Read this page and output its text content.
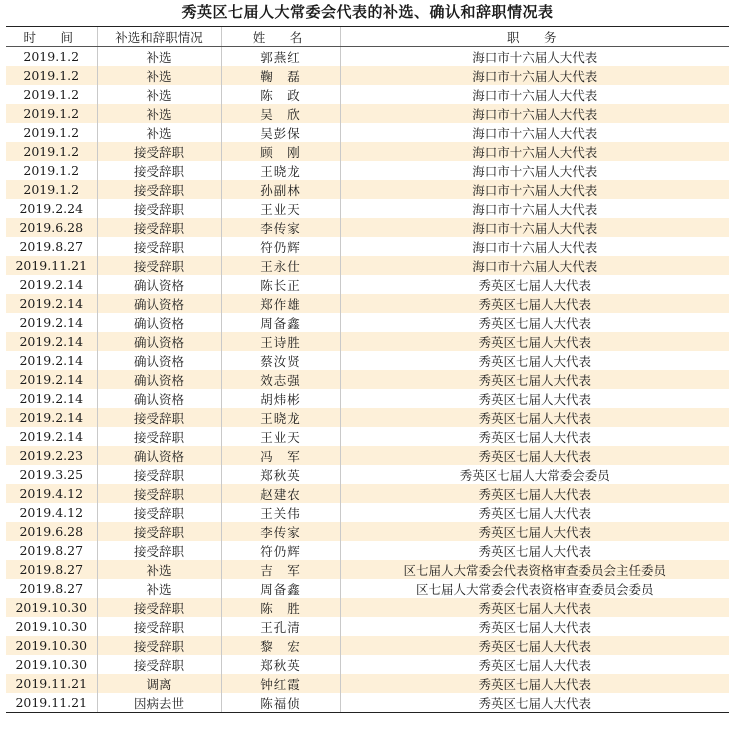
秀英区七届人大常委会代表的补选、确认和辞职情况表
时　间	补选和辞职情况	姓　名	职　务
2019.1.2	补选	郭燕红	海口市十六届人大代表
2019.1.2	补选	鞠　磊	海口市十六届人大代表
2019.1.2	补选	陈　政	海口市十六届人大代表
2019.1.2	补选	吴　欣	海口市十六届人大代表
2019.1.2	补选	吴彭保	海口市十六届人大代表
2019.1.2	接受辞职	顾　刚	海口市十六届人大代表
2019.1.2	接受辞职	王晓龙	海口市十六届人大代表
2019.1.2	接受辞职	孙副林	海口市十六届人大代表
2019.2.24	接受辞职	王业天	海口市十六届人大代表
2019.6.28	接受辞职	李传家	海口市十六届人大代表
2019.8.27	接受辞职	符仍辉	海口市十六届人大代表
2019.11.21	接受辞职	王永仕	海口市十六届人大代表
2019.2.14	确认资格	陈长正	秀英区七届人大代表
2019.2.14	确认资格	郑作雄	秀英区七届人大代表
2019.2.14	确认资格	周备鑫	秀英区七届人大代表
2019.2.14	确认资格	王诗胜	秀英区七届人大代表
2019.2.14	确认资格	蔡汝贤	秀英区七届人大代表
2019.2.14	确认资格	效志强	秀英区七届人大代表
2019.2.14	确认资格	胡炜彬	秀英区七届人大代表
2019.2.14	接受辞职	王晓龙	秀英区七届人大代表
2019.2.14	接受辞职	王业天	秀英区七届人大代表
2019.2.23	确认资格	冯　军	秀英区七届人大代表
2019.3.25	接受辞职	郑秋英	秀英区七届人大常委会委员
2019.4.12	接受辞职	赵建农	秀英区七届人大代表
2019.4.12	接受辞职	王关伟	秀英区七届人大代表
2019.6.28	接受辞职	李传家	秀英区七届人大代表
2019.8.27	接受辞职	符仍辉	秀英区七届人大代表
2019.8.27	补选	吉　军	区七届人大常委会代表资格审查委员会主任委员
2019.8.27	补选	周备鑫	区七届人大常委会代表资格审查委员会委员
2019.10.30	接受辞职	陈　胜	秀英区七届人大代表
2019.10.30	接受辞职	王孔清	秀英区七届人大代表
2019.10.30	接受辞职	黎　宏	秀英区七届人大代表
2019.10.30	接受辞职	郑秋英	秀英区七届人大代表
2019.11.21	调离	钟红霞	秀英区七届人大代表
2019.11.21	因病去世	陈福侦	秀英区七届人大代表
